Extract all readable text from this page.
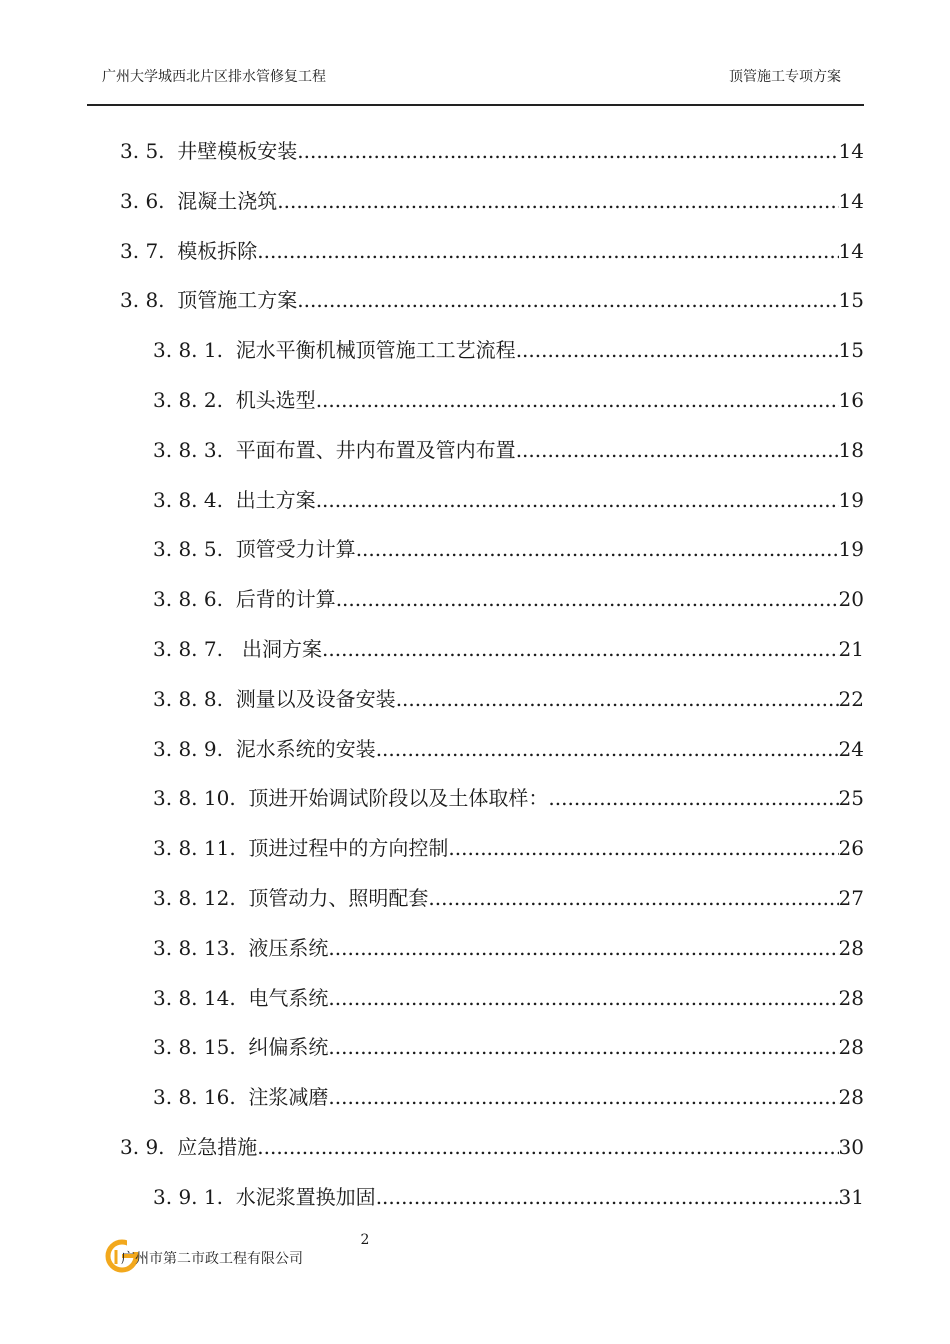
广州大学城西北片区排水管修复工程	顶管施工专项方案
3. 5.
井壁模板安装 .....	14
3. 6.
混凝土浇筑 .....	14
3. 7.
模板拆除 .....	14
3. 8.
顶管施工方案 .....	15
3. 8. 1.
泥水平衡机械顶管施工工艺流程 .....	15
3. 8. 2.
机头选型 .....	16
3. 8. 3.
平面布置、井内布置及管内布置 .....	18
3. 8. 4.
出土方案 .....	19
3. 8. 5.
顶管受力计算 .....	19
3. 8. 6.
后背的计算 .....	20
3. 8. 7.
出洞方案 .....	21
3. 8. 8.
测量以及设备安装 .....	22
3. 8. 9.
泥水系统的安装 .....	24
3. 8. 10.
顶进开始调试阶段以及土体取样： .....	25
3. 8. 11.
顶进过程中的方向控制 .....	26
3. 8. 12.
顶管动力、照明配套 .....	27
3. 8. 13.
液压系统 .....	28
3. 8. 14.
电气系统 .....	28
3. 8. 15.
纠偏系统 .....	28
3. 8. 16.
注浆减磨 .....	28
3. 9.
应急措施 .....	30
3. 9. 1.
水泥浆置换加固 .....	31
2
广州市第二市政工程有限公司
